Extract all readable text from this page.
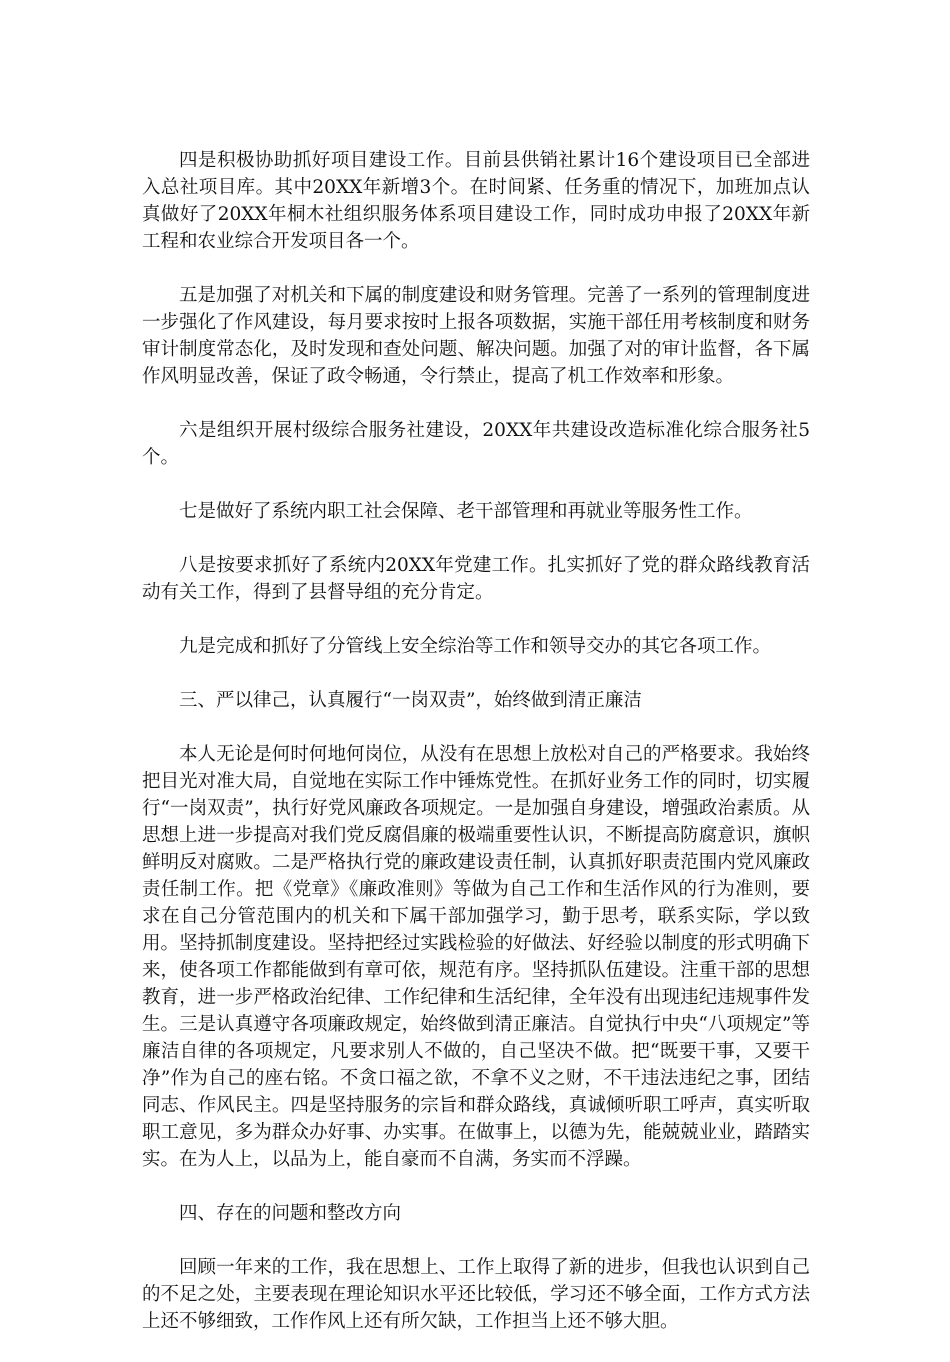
四是积极协助抓好项目建设工作。目前县供销社累计16个建设项目已全部进入总社项目库。其中20XX年新增3个。在时间紧、任务重的情况下，加班加点认真做好了20XX年桐木社组织服务体系项目建设工作，同时成功申报了20XX年新工程和农业综合开发项目各一个。

五是加强了对机关和下属的制度建设和财务管理。完善了一系列的管理制度进一步强化了作风建设，每月要求按时上报各项数据，实施干部任用考核制度和财务审计制度常态化，及时发现和查处问题、解决问题。加强了对的审计监督，各下属作风明显改善，保证了政令畅通，令行禁止，提高了机工作效率和形象。

六是组织开展村级综合服务社建设，20XX年共建设改造标准化综合服务社5个。

七是做好了系统内职工社会保障、老干部管理和再就业等服务性工作。

八是按要求抓好了系统内20XX年党建工作。扎实抓好了党的群众路线教育活动有关工作，得到了县督导组的充分肯定。

九是完成和抓好了分管线上安全综治等工作和领导交办的其它各项工作。

三、严以律己，认真履行“一岗双责”，始终做到清正廉洁

本人无论是何时何地何岗位，从没有在思想上放松对自己的严格要求。我始终把目光对准大局，自觉地在实际工作中锤炼党性。在抓好业务工作的同时，切实履行“一岗双责”，执行好党风廉政各项规定。一是加强自身建设，增强政治素质。从思想上进一步提高对我们党反腐倡廉的极端重要性认识，不断提高防腐意识，旗帜鲜明反对腐败。二是严格执行党的廉政建设责任制，认真抓好职责范围内党风廉政责任制工作。把《党章》《廉政准则》等做为自己工作和生活作风的行为准则，要求在自己分管范围内的机关和下属干部加强学习，勤于思考，联系实际，学以致用。坚持抓制度建设。坚持把经过实践检验的好做法、好经验以制度的形式明确下来，使各项工作都能做到有章可依，规范有序。坚持抓队伍建设。注重干部的思想教育，进一步严格政治纪律、工作纪律和生活纪律，全年没有出现违纪违规事件发生。三是认真遵守各项廉政规定，始终做到清正廉洁。自觉执行中央“八项规定”等廉洁自律的各项规定，凡要求别人不做的，自己坚决不做。把“既要干事，又要干净”作为自己的座右铭。不贪口福之欲，不拿不义之财，不干违法违纪之事，团结同志、作风民主。四是坚持服务的宗旨和群众路线，真诚倾听职工呼声，真实听取职工意见，多为群众办好事、办实事。在做事上，以德为先，能兢兢业业，踏踏实实。在为人上，以品为上，能自豪而不自满，务实而不浮躁。

四、存在的问题和整改方向

回顾一年来的工作，我在思想上、工作上取得了新的进步，但我也认识到自己的不足之处，主要表现在理论知识水平还比较低，学习还不够全面，工作方式方法上还不够细致，工作作风上还有所欠缺，工作担当上还不够大胆。
